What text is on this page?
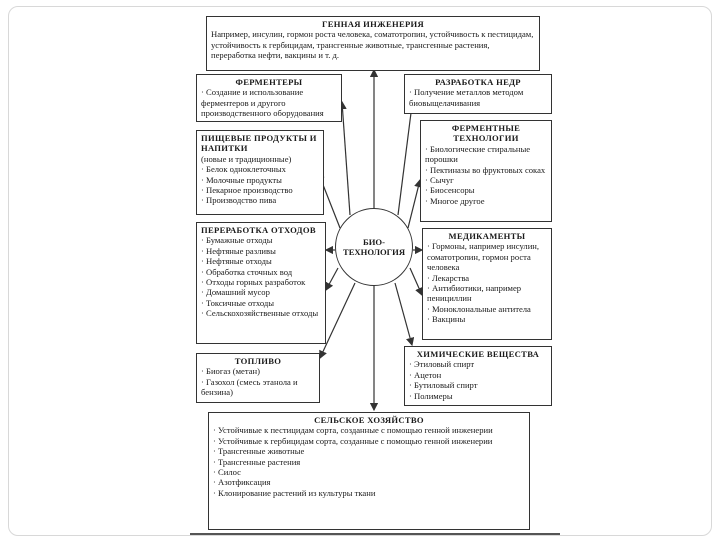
ГЕННАЯ ИНЖЕНЕРИЯ

Например, инсулин, гормон роста человека, соматотропин, устойчивость к пестицидам, устойчивость к гербицидам, трансгенные животные, трансгенные растения, переработка нефти, вакцины и т. д.

ФЕРМЕНТЕРЫ
· Создание и использование ферментеров и другого производственного оборудования
ПИЩЕВЫЕ ПРОДУКТЫ И НАПИТКИ

(новые и традиционные)

· Белок одноклеточных
· Молочные продукты
· Пекарное производство
· Производство пива
ПЕРЕРАБОТКА ОТХОДОВ
· Бумажные отходы
· Нефтяные разливы
· Нефтяные отходы
· Обработка сточных вод
· Отходы горных разработок
· Домашний мусор
· Токсичные отходы
· Сельскохозяйственные отходы
ТОПЛИВО
· Биогаз (метан)
· Газохол (смесь этанола и бензина)
РАЗРАБОТКА НЕДР
· Получение металлов методом биовыщелачивания
ФЕРМЕНТНЫЕ ТЕХНОЛОГИИ
· Биологические стиральные порошки
· Пектиназы во фруктовых соках
· Сычуг
· Биосенсоры
· Многое другое
МЕДИКАМЕНТЫ
· Гормоны, например инсулин, соматотропин, гормон роста человека
· Лекарства
· Антибиотики, например пенициллин
· Моноклональные антитела
· Вакцины
ХИМИЧЕСКИЕ ВЕЩЕСТВА
· Этиловый спирт
· Ацетон
· Бутиловый спирт
· Полимеры
СЕЛЬСКОЕ ХОЗЯЙСТВО
· Устойчивые к пестицидам сорта, созданные с помощью генной инженерии
· Устойчивые к гербицидам сорта, созданные с помощью генной инженерии
· Трансгенные животные
· Трансгенные растения
· Силос
· Азотфиксация
· Клонирование растений из культуры ткани
БИО-
ТЕХНОЛОГИЯ
